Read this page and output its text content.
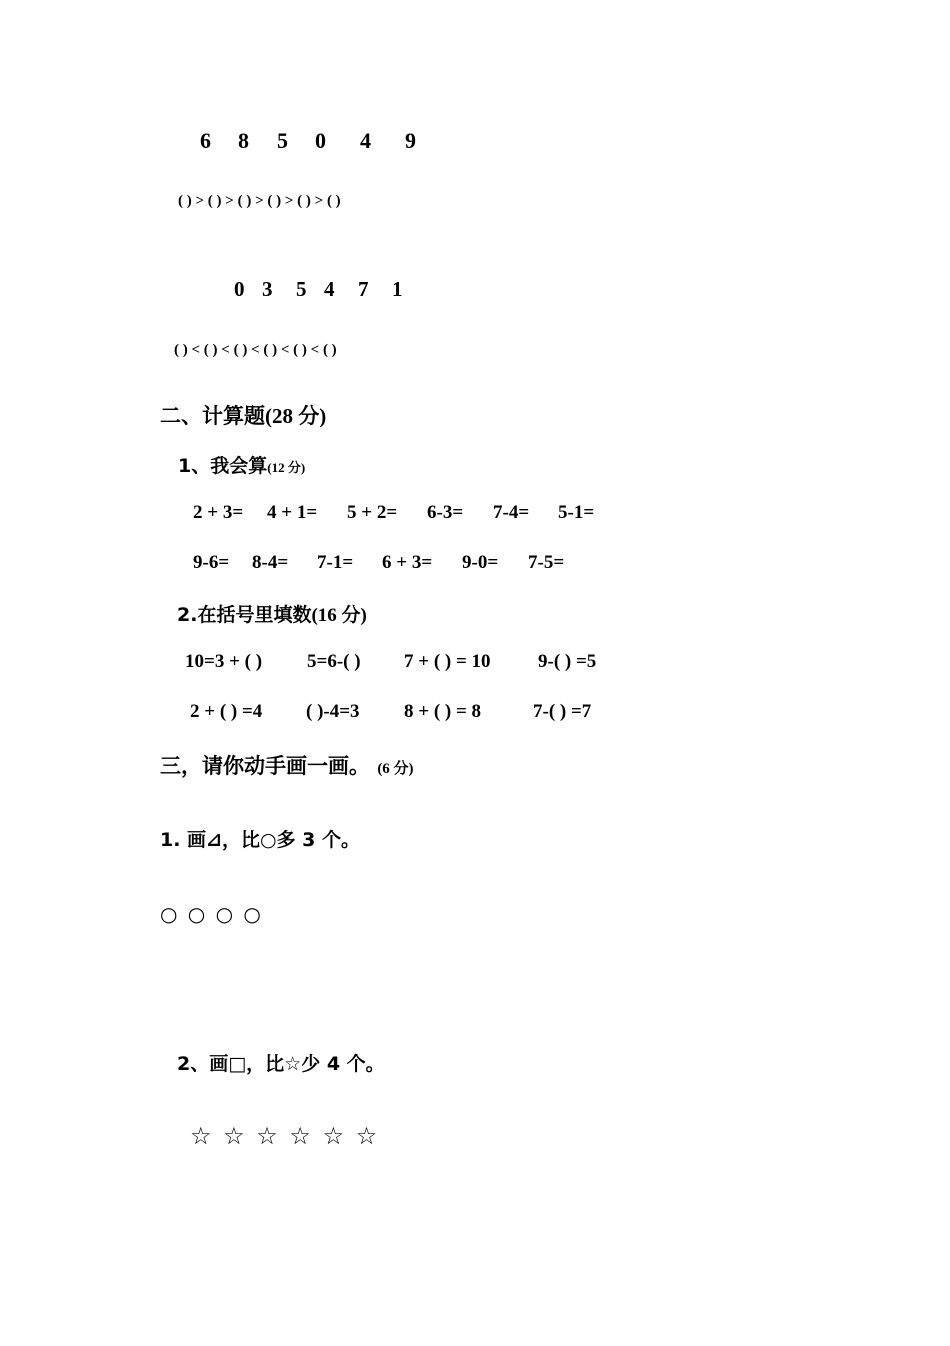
6 8 5 0 4 9
( ) > ( ) > ( ) > ( ) > ( ) > ( )
0 3 5 4 7 1
( ) < ( ) < ( ) < ( ) < ( ) < ( )
二、计算题(28 分)
1、我会算(12 分)
2 + 3= 4 + 1= 5 + 2= 6-3= 7-4= 5-1=
9-6= 8-4= 7-1= 6 + 3= 9-0= 7-5=
2.在括号里填数(16 分)
10=3 + ( ) 5=6-( ) 7 + ( ) = 10 9-( ) =5
2 + ( ) =4 ( )-4=3 8 + ( ) = 8	7-( ) =7
三，请你动手画一画。 (6 分)
1. 画⊿，比○多 3 个。
○ ○ ○ ○
2、画□，比☆少 4 个。
☆ ☆ ☆ ☆ ☆ ☆
